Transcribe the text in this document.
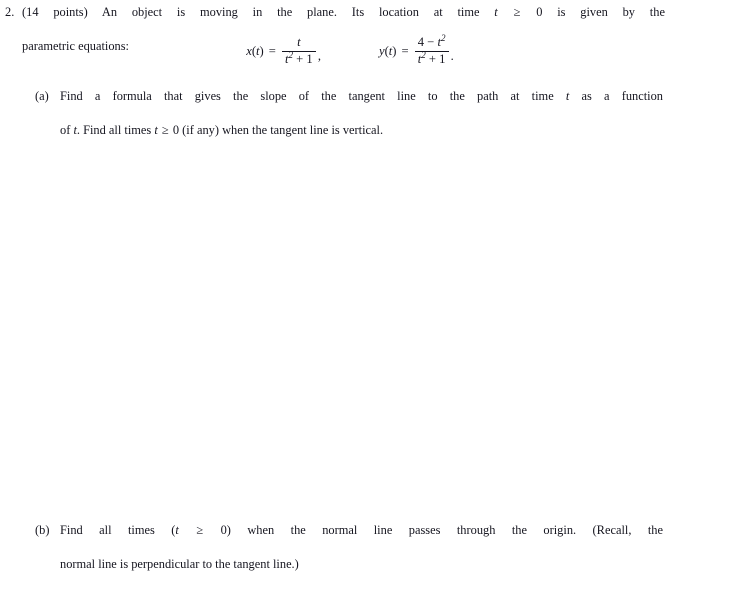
2. (14 points) An object is moving in the plane. Its location at time t ≥ 0 is given by the
parametric equations:	$x(t) = \frac{t}{t^2 + 1}$ ,	$y(t) = \frac{4 - t^2}{t^2 + 1}$ .
(a) Find a formula that gives the slope of the tangent line to the path at time t as a function
of t. Find all times t ≥ 0 (if any) when the tangent line is vertical.
(b) Find all times (t ≥ 0) when the normal line passes through the origin. (Recall, the
normal line is perpendicular to the tangent line.)
